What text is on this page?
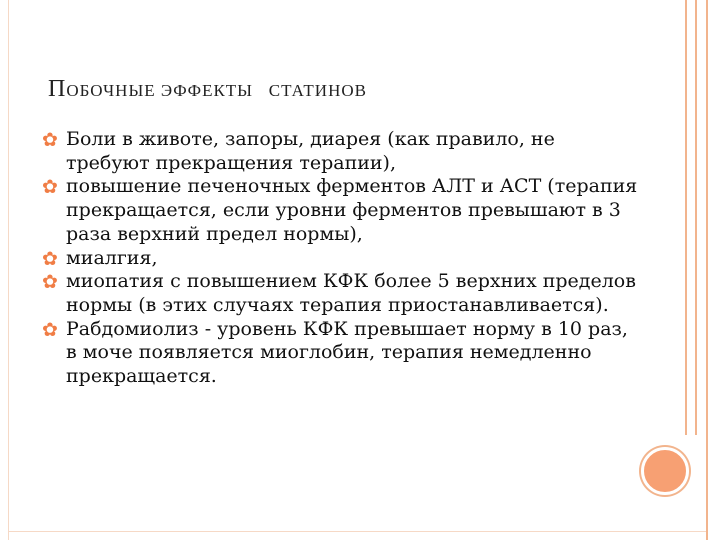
ПОБОЧНЫЕ ЭФФЕКТЫ   СТАТИНОВ
✿ Боли в животе, запоры, диарея (как правило, не требуют прекращения терапии),
✿ повышение печеночных ферментов АЛТ и АСТ (терапия прекращается, если уровни ферментов превышают в 3 раза верхний предел нормы),
✿ миалгия,
✿ миопатия с повышением КФК более 5 верхних пределов нормы (в этих случаях терапия приостанавливается).
✿ Рабдомиолиз - уровень КФК превышает норму в 10 раз, в моче появляется миоглобин, терапия немедленно прекращается.
